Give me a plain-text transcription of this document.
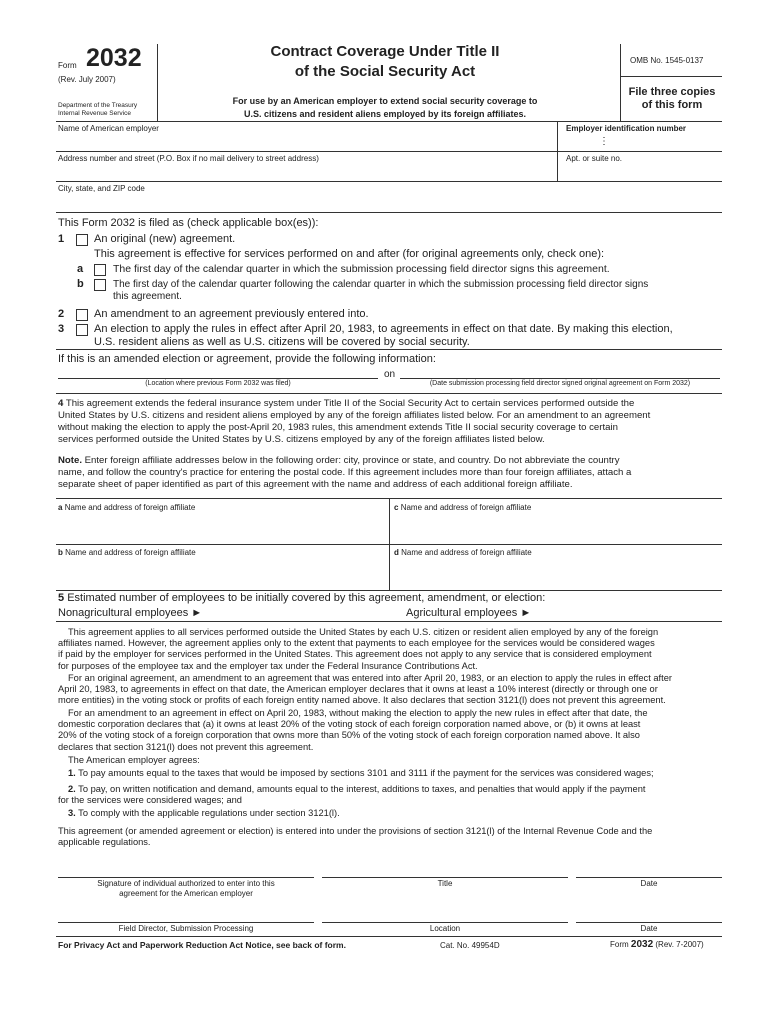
Form 2032
(Rev. July 2007)
Department of the Treasury
Internal Revenue Service
Contract Coverage Under Title II
of the Social Security Act
For use by an American employer to extend social security coverage to
U.S. citizens and resident aliens employed by its foreign affiliates.
OMB No. 1545-0137
File three copies
of this form
Name of American employer	Employer identification number
⋮
Address number and street (P.O. Box if no mail delivery to street address)	Apt. or suite no.
City, state, and ZIP code
This Form 2032 is filed as (check applicable box(es)):
1	An original (new) agreement.
This agreement is effective for services performed on and after (for original agreements only, check one):
a	The first day of the calendar quarter in which the submission processing field director signs this agreement.
b	The first day of the calendar quarter following the calendar quarter in which the submission processing field director signs
this agreement.
2	An amendment to an agreement previously entered into.
3	An election to apply the rules in effect after April 20, 1983, to agreements in effect on that date. By making this election,
U.S. resident aliens as well as U.S. citizens will be covered by social security.
If this is an amended election or agreement, provide the following information:
on
(Location where previous Form 2032 was filed)	(Date submission processing field director signed original agreement on Form 2032)
4 This agreement extends the federal insurance system under Title II of the Social Security Act to certain services performed outside the
United States by U.S. citizens and resident aliens employed by any of the foreign affiliates listed below. For an amendment to an agreement
without making the election to apply the post-April 20, 1983 rules, this amendment extends Title II social security coverage to certain
services performed outside the United States by U.S. citizens employed by any of the foreign affiliates listed below.
Note. Enter foreign affiliate addresses below in the following order: city, province or state, and country. Do not abbreviate the country
name, and follow the country's practice for entering the postal code. If this agreement includes more than four foreign affiliates, attach a
separate sheet of paper identified as part of this agreement with the name and address of each additional foreign affiliate.
a Name and address of foreign affiliate	c Name and address of foreign affiliate
b Name and address of foreign affiliate	d Name and address of foreign affiliate
5 Estimated number of employees to be initially covered by this agreement, amendment, or election:
Nonagricultural employees ►	Agricultural employees ►
This agreement applies to all services performed outside the United States by each U.S. citizen or resident alien employed by any of the foreign
affiliates named. However, the agreement applies only to the extent that payments to each employee for the services would be considered wages
if paid by the employer for services performed in the United States. This agreement does not apply to any service that is considered employment
for purposes of the employee tax and the employer tax under the Federal Insurance Contributions Act.
For an original agreement, an amendment to an agreement that was entered into after April 20, 1983, or an election to apply the rules in effect after
April 20, 1983, to agreements in effect on that date, the American employer declares that it owns at least a 10% interest (directly or through one or
more entities) in the voting stock or profits of each foreign entity named above. It also declares that section 3121(l) does not prevent this agreement.
For an amendment to an agreement in effect on April 20, 1983, without making the election to apply the new rules in effect after that date, the
domestic corporation declares that (a) it owns at least 20% of the voting stock of each foreign corporation named above, or (b) it owns at least
20% of the voting stock of a foreign corporation that owns more than 50% of the voting stock of each foreign corporation named above. It also
declares that section 3121(l) does not prevent this agreement.
The American employer agrees:
1. To pay amounts equal to the taxes that would be imposed by sections 3101 and 3111 if the payment for the services was considered wages;
2. To pay, on written notification and demand, amounts equal to the interest, additions to taxes, and penalties that would apply if the payment
for the services were considered wages; and
3. To comply with the applicable regulations under section 3121(l).
This agreement (or amended agreement or election) is entered into under the provisions of section 3121(l) of the Internal Revenue Code and the
applicable regulations.
Signature of individual authorized to enter into this
agreement for the American employer
Title	Date
Field Director, Submission Processing	Location	Date
For Privacy Act and Paperwork Reduction Act Notice, see back of form.	Cat. No. 49954D	Form 2032 (Rev. 7-2007)
